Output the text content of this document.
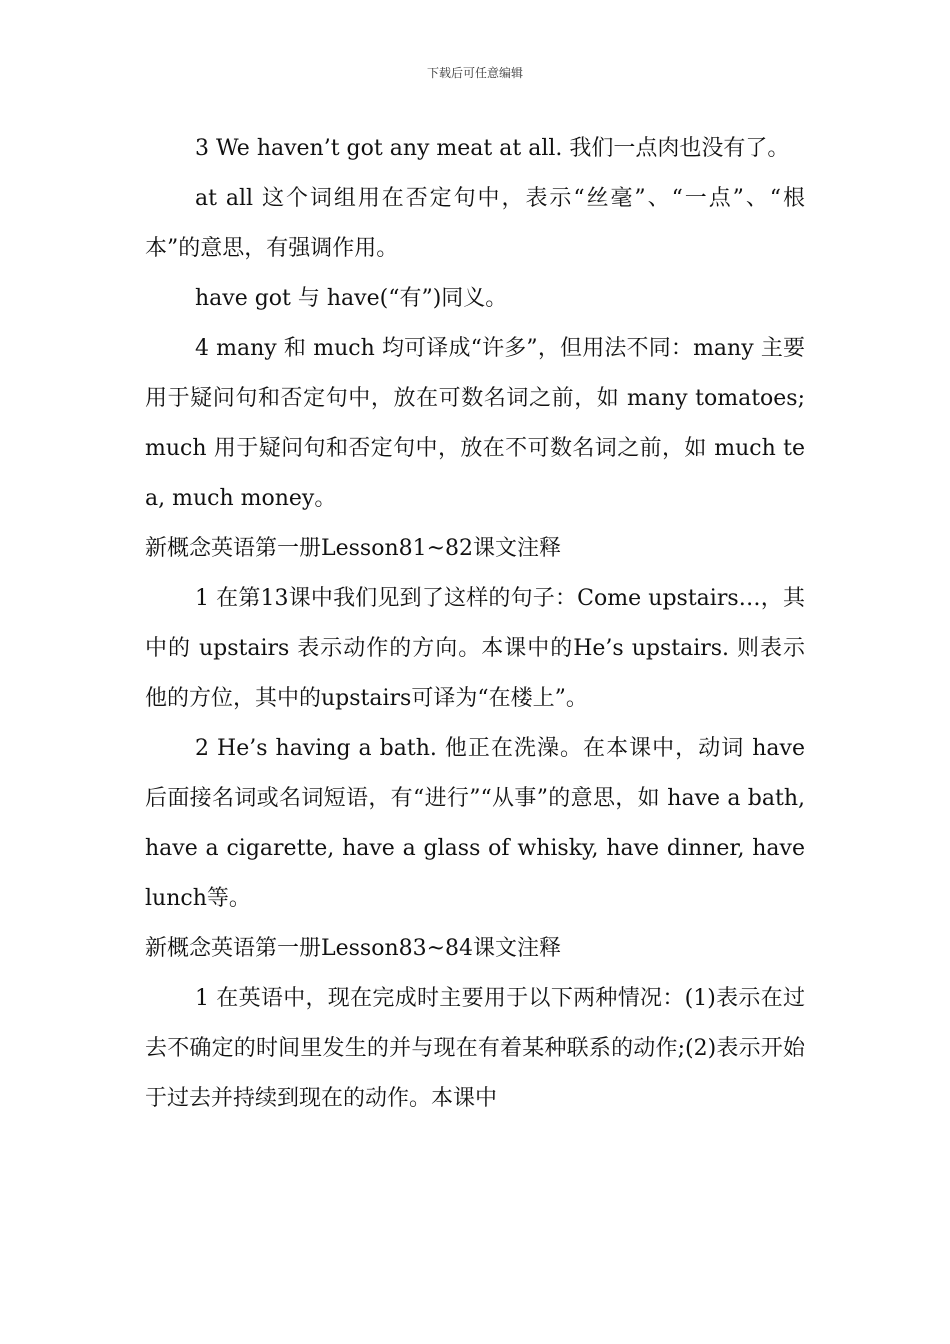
下载后可任意编辑

3 We haven’t got any meat at all. 我们一点肉也没有了。

at all 这个词组用在否定句中，表示“丝毫”、“一点”、“根本”的意思，有强调作用。

have got 与 have(“有”)同义。

4 many 和 much 均可译成“许多”，但用法不同：many 主要用于疑问句和否定句中，放在可数名词之前，如 many tomatoes; much 用于疑问句和否定句中，放在不可数名词之前，如 much tea, much money。

新概念英语第一册Lesson81~82课文注释

1 在第13课中我们见到了这样的句子：Come upstairs…，其中的 upstairs 表示动作的方向。本课中的He’s upstairs. 则表示他的方位，其中的upstairs可译为“在楼上”。

2 He’s having a bath. 他正在洗澡。在本课中，动词 have 后面接名词或名词短语，有“进行”“从事”的意思，如 have a bath, have a cigarette, have a glass of whisky, have dinner, have lunch等。

新概念英语第一册Lesson83~84课文注释

1 在英语中，现在完成时主要用于以下两种情况：(1)表示在过去不确定的时间里发生的并与现在有着某种联系的动作;(2)表示开始于过去并持续到现在的动作。本课中
